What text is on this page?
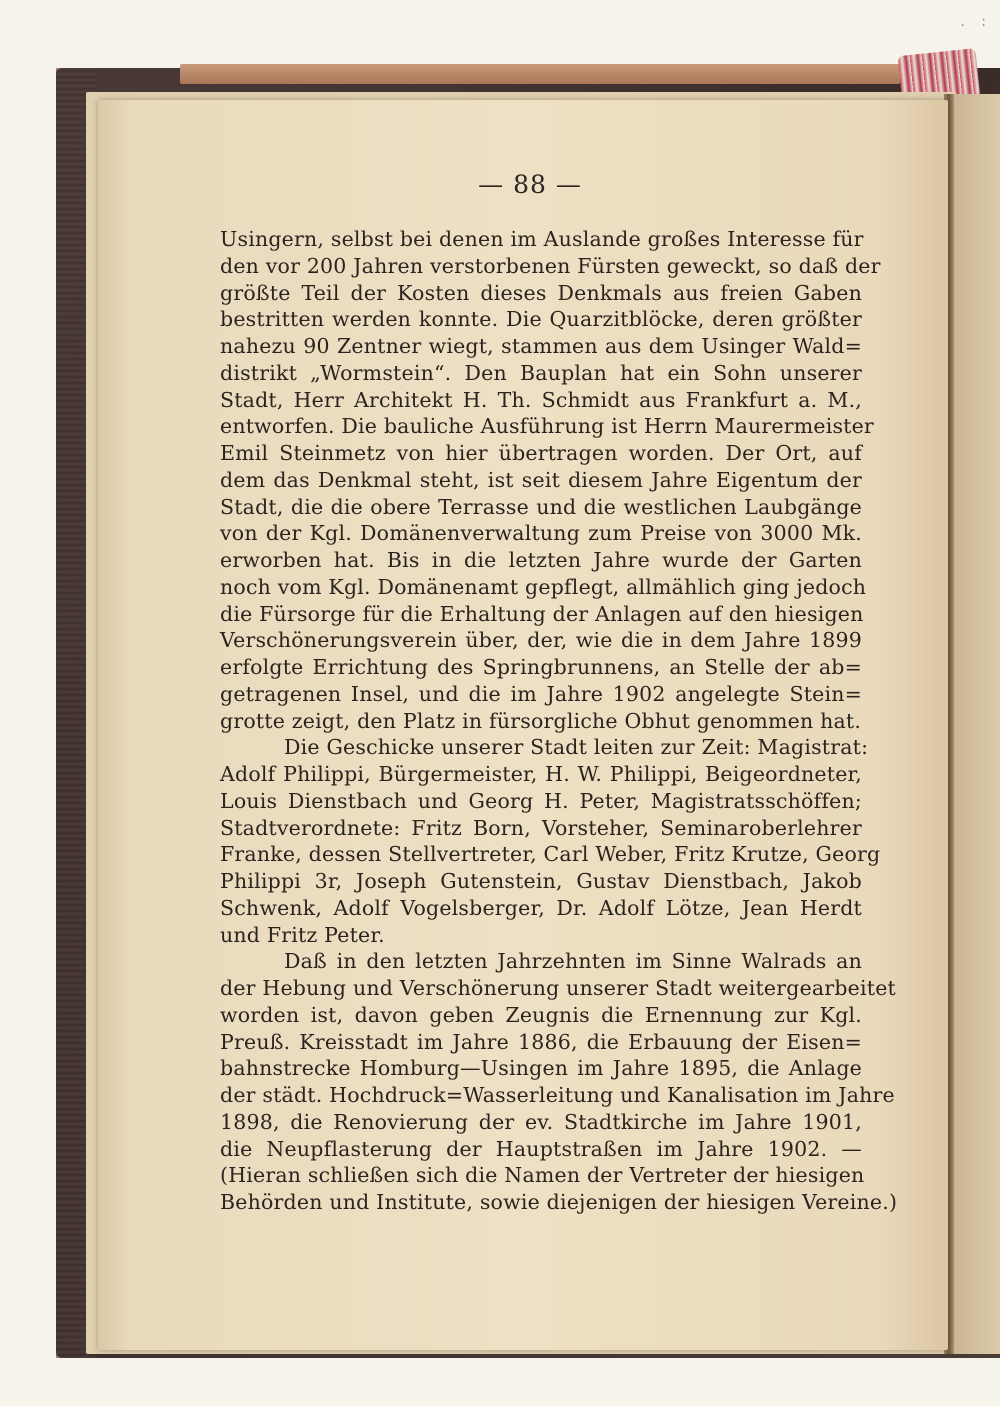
. :
— 88 —
Usingern, selbst bei denen im Auslande großes Interesse für
den vor 200 Jahren verstorbenen Fürsten geweckt, so daß der
größte Teil der Kosten dieses Denkmals aus freien Gaben
bestritten werden konnte. Die Quarzitblöcke, deren größter
nahezu 90 Zentner wiegt, stammen aus dem Usinger Wald=
distrikt „Wormstein“. Den Bauplan hat ein Sohn unserer
Stadt, Herr Architekt H. Th. Schmidt aus Frankfurt a. M.,
entworfen. Die bauliche Ausführung ist Herrn Maurermeister
Emil Steinmetz von hier übertragen worden. Der Ort, auf
dem das Denkmal steht, ist seit diesem Jahre Eigentum der
Stadt, die die obere Terrasse und die westlichen Laubgänge
von der Kgl. Domänenverwaltung zum Preise von 3000 Mk.
erworben hat. Bis in die letzten Jahre wurde der Garten
noch vom Kgl. Domänenamt gepflegt, allmählich ging jedoch
die Fürsorge für die Erhaltung der Anlagen auf den hiesigen
Verschönerungsverein über, der, wie die in dem Jahre 1899
erfolgte Errichtung des Springbrunnens, an Stelle der ab=
getragenen Insel, und die im Jahre 1902 angelegte Stein=
grotte zeigt, den Platz in fürsorgliche Obhut genommen hat.
Die Geschicke unserer Stadt leiten zur Zeit: Magistrat:
Adolf Philippi, Bürgermeister, H. W. Philippi, Beigeordneter,
Louis Dienstbach und Georg H. Peter, Magistratsschöffen;
Stadtverordnete: Fritz Born, Vorsteher, Seminaroberlehrer
Franke, dessen Stellvertreter, Carl Weber, Fritz Krutze, Georg
Philippi 3r, Joseph Gutenstein, Gustav Dienstbach, Jakob
Schwenk, Adolf Vogelsberger, Dr. Adolf Lötze, Jean Herdt
und Fritz Peter.
Daß in den letzten Jahrzehnten im Sinne Walrads an
der Hebung und Verschönerung unserer Stadt weitergearbeitet
worden ist, davon geben Zeugnis die Ernennung zur Kgl.
Preuß. Kreisstadt im Jahre 1886, die Erbauung der Eisen=
bahnstrecke Homburg—Usingen im Jahre 1895, die Anlage
der städt. Hochdruck=Wasserleitung und Kanalisation im Jahre
1898, die Renovierung der ev. Stadtkirche im Jahre 1901,
die Neupflasterung der Hauptstraßen im Jahre 1902. —
(Hieran schließen sich die Namen der Vertreter der hiesigen
Behörden und Institute, sowie diejenigen der hiesigen Vereine.)
